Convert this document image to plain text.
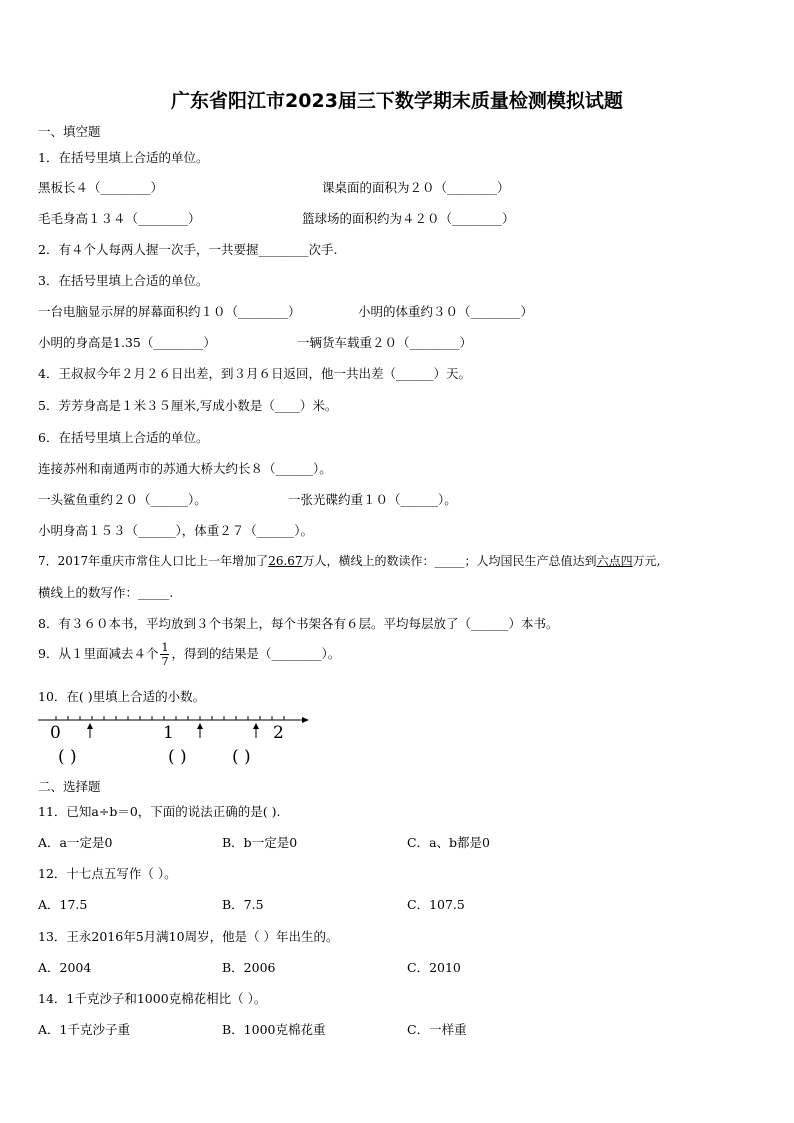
广东省阳江市2023届三下数学期末质量检测模拟试题
一、填空题
1．在括号里填上合适的单位。
黑板长４（________）	课桌面的面积为２０（________）
毛毛身高１３４（________）	篮球场的面积约为４２０（________）
2．有４个人每两人握一次手，一共要握________次手.
3．在括号里填上合适的单位。
一台电脑显示屏的屏幕面积约１０（________）	小明的体重约３０（________）
小明的身高是1.35（________）	一辆货车载重２０（________）
4．王叔叔今年２月２６日出差，到３月６日返回，他一共出差（______）天。
5．芳芳身高是１米３５厘米,写成小数是（____）米。
6．在括号里填上合适的单位。
连接苏州和南通两市的苏通大桥大约长８（______）。
一头鲨鱼重约２０（______）。	一张光碟约重１０（______）。
小明身高１５３（______），体重２７（______）。
7．2017年重庆市常住人口比上一年增加了26.67万人，横线上的数读作：_____；人均国民生产总值达到六点四万元,
横线上的数写作：_____.
8．有３６０本书，平均放到３个书架上，每个书架各有６层。平均每层放了（______）本书。
9．从１里面减去４个 $\frac{1}{7}$ ，得到的结果是（________）。
10．在( )里填上合适的小数。
0	1	2
( )	( )	( )
二、选择题
11．已知a÷b＝0，下面的说法正确的是( ).
A．a一定是0	B．b一定是0	C．a、b都是0
12．十七点五写作（ ）。
A．17.5	B．7.5	C．107.5
13．王永2016年5月满10周岁，他是（ ）年出生的。
A．2004	B．2006	C．2010
14．1千克沙子和1000克棉花相比（ ）。
A．1千克沙子重	B．1000克棉花重	C．一样重
